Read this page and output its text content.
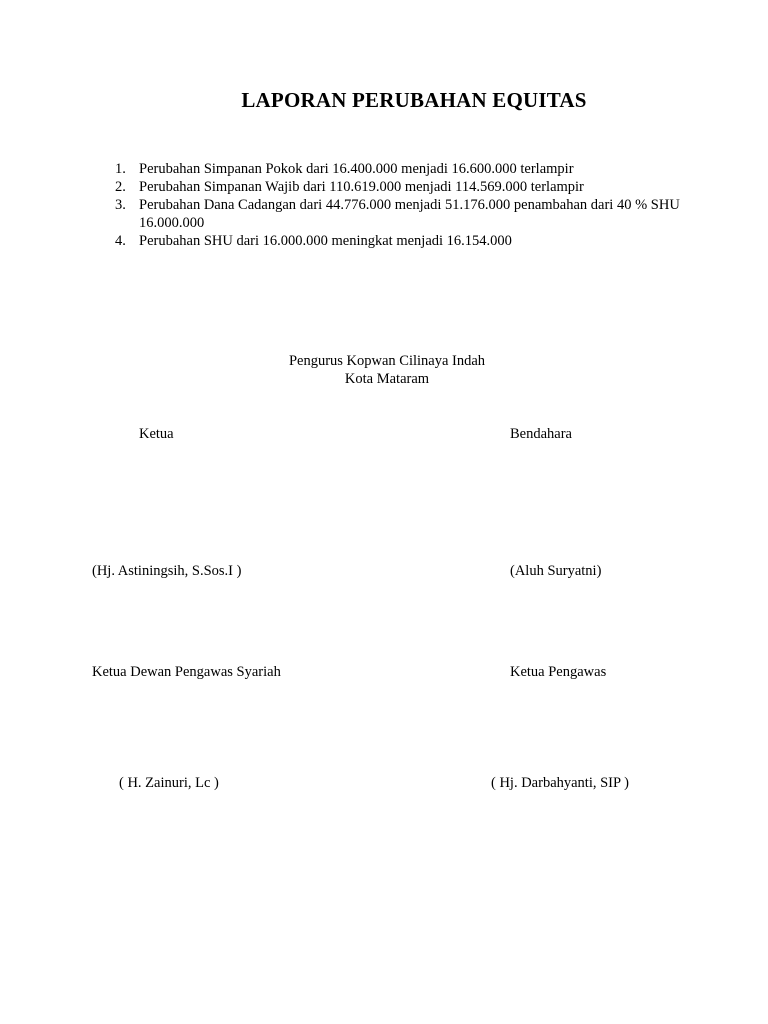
LAPORAN PERUBAHAN EQUITAS
1. Perubahan Simpanan Pokok dari 16.400.000 menjadi 16.600.000 terlampir
2. Perubahan Simpanan Wajib dari 110.619.000 menjadi 114.569.000 terlampir
3. Perubahan Dana Cadangan dari 44.776.000 menjadi 51.176.000 penambahan dari 40 % SHU 16.000.000
4. Perubahan SHU dari 16.000.000 meningkat menjadi 16.154.000
Pengurus Kopwan Cilinaya Indah
Kota Mataram
Ketua	Bendahara
(Hj. Astiningsih, S.Sos.I )	(Aluh Suryatni)
Ketua Dewan Pengawas Syariah	Ketua Pengawas
( H. Zainuri, Lc )	( Hj. Darbahyanti, SIP )
